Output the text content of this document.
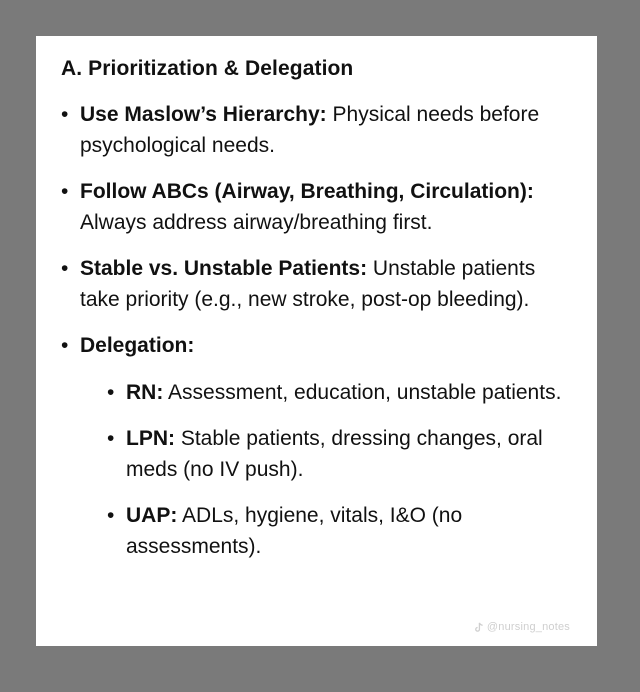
A. Prioritization & Delegation
• Use Maslow’s Hierarchy: Physical needs before psychological needs.
• Follow ABCs (Airway, Breathing, Circulation): Always address airway/breathing first.
• Stable vs. Unstable Patients: Unstable patients take priority (e.g., new stroke, post-op bleeding).
• Delegation:
• RN: Assessment, education, unstable patients.
• LPN: Stable patients, dressing changes, oral meds (no IV push).
• UAP: ADLs, hygiene, vitals, I&O (no assessments).
@nursing_notes
